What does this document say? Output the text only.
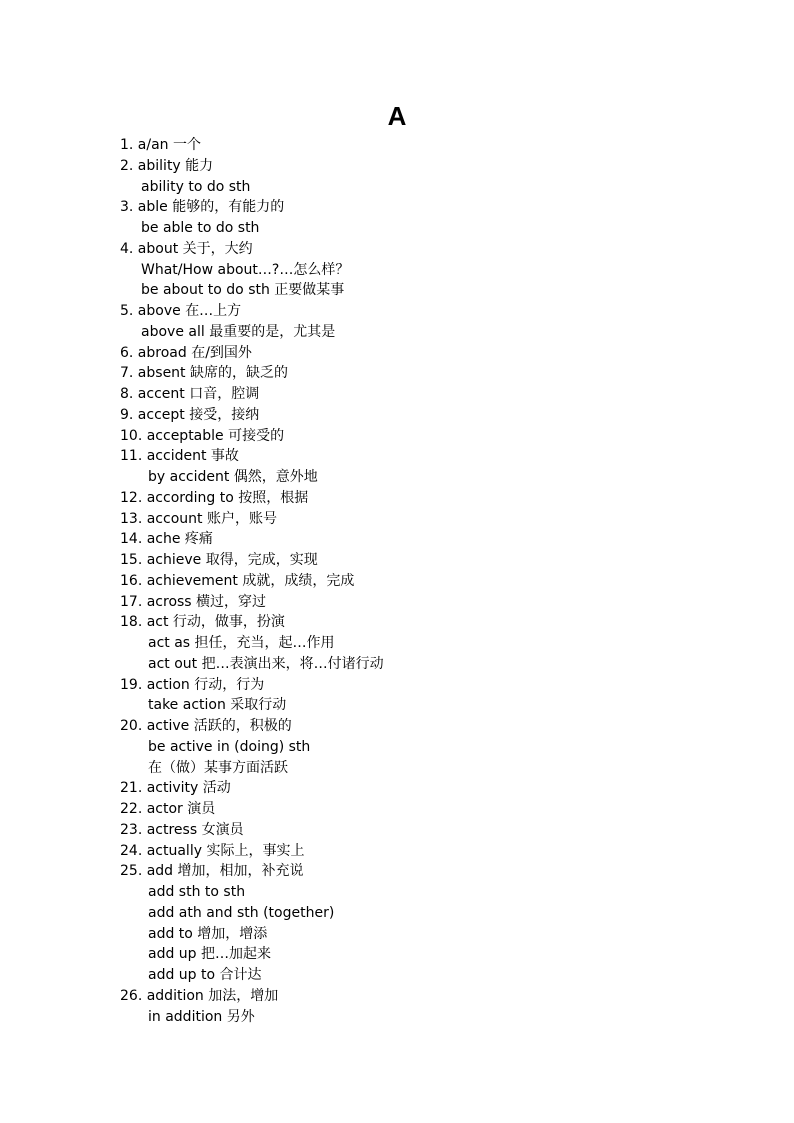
A
1. a/an 一个
2. ability 能力
ability to do sth
3. able 能够的，有能力的
be able to do sth
4. about 关于，大约
What/How about…?…怎么样？
be about to do sth 正要做某事
5. above 在…上方
above all 最重要的是，尤其是
6. abroad 在/到国外
7. absent 缺席的，缺乏的
8. accent 口音，腔调
9. accept 接受，接纳
10. acceptable 可接受的
11. accident 事故
by accident 偶然，意外地
12. according to 按照，根据
13. account 账户，账号
14. ache 疼痛
15. achieve 取得，完成，实现
16. achievement 成就，成绩，完成
17. across 横过，穿过
18. act 行动，做事，扮演
act as 担任，充当，起…作用
act out 把…表演出来，将…付诸行动
19. action 行动，行为
take action 采取行动
20. active 活跃的，积极的
be active in (doing) sth
在（做）某事方面活跃
21. activity 活动
22. actor 演员
23. actress 女演员
24. actually 实际上，事实上
25. add 增加，相加，补充说
add sth to sth
add ath and sth (together)
add to 增加，增添
add up 把…加起来
add up to 合计达
26. addition 加法，增加
in addition 另外
